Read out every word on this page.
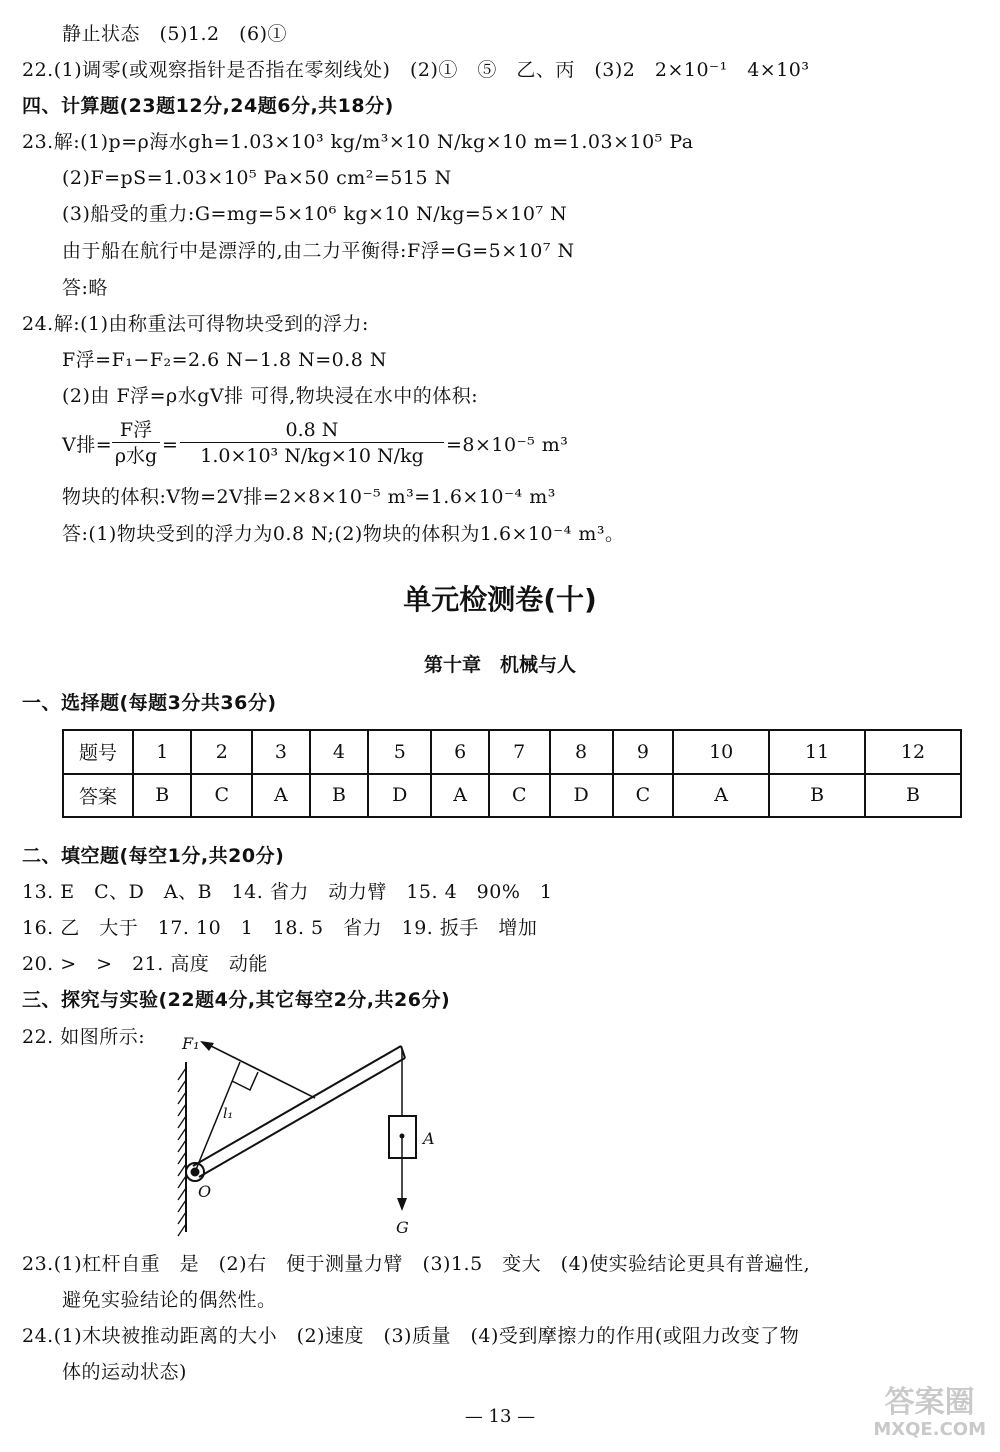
静止状态　(5)1.2　(6)①
22.(1)调零(或观察指针是否指在零刻线处)　(2)①　⑤　乙、丙　(3)2　2×10⁻¹　4×10³
四、计算题(23题12分,24题6分,共18分)
23.解:(1)p=ρ海水gh=1.03×10³ kg/m³×10 N/kg×10 m=1.03×10⁵ Pa
(2)F=pS=1.03×10⁵ Pa×50 cm²=515 N
(3)船受的重力:G=mg=5×10⁶ kg×10 N/kg=5×10⁷ N
由于船在航行中是漂浮的,由二力平衡得:F浮=G=5×10⁷ N
答:略
24.解:(1)由称重法可得物块受到的浮力:
F浮=F₁−F₂=2.6 N−1.8 N=0.8 N
(2)由 F浮=ρ水gV排 可得,物块浸在水中的体积:
V排=
F浮
ρ水$g = \frac{0.8 N}{\text{1.0×10³ N/kg×10 N/kg}} =8\times 10^{-5}$ m³
物块的体积:V物=2V排=2×8×10⁻⁵ m³=1.6×10⁻⁴ m³
答:(1)物块受到的浮力为0.8 N;(2)物块的体积为1.6×10⁻⁴ m³。
单元检测卷(十)
第十章　机械与人
一、选择题(每题3分共36分)
题号	1	2	3	4	5	6	7	8	9	10	11	12
答案	B	C	A	B	D	A	C	D	C	A	B	B
二、填空题(每空1分,共20分)
13. E　C、D　A、B　14. 省力　动力臂　15. 4　90%　1
16. 乙　大于　17. 10　1　18. 5　省力　19. 扳手　增加
20. >　>　21. 高度　动能
三、探究与实验(22题4分,其它每空2分,共26分)
22. 如图所示: F₁
l₁
O
A
G
23.(1)杠杆自重　是　(2)右　便于测量力臂　(3)1.5　变大　(4)使实验结论更具有普遍性,
避免实验结论的偶然性。
24.(1)木块被推动距离的大小　(2)速度　(3)质量　(4)受到摩擦力的作用(或阻力改变了物
体的运动状态)
— 13 —	答案圈
MXQE.COM
